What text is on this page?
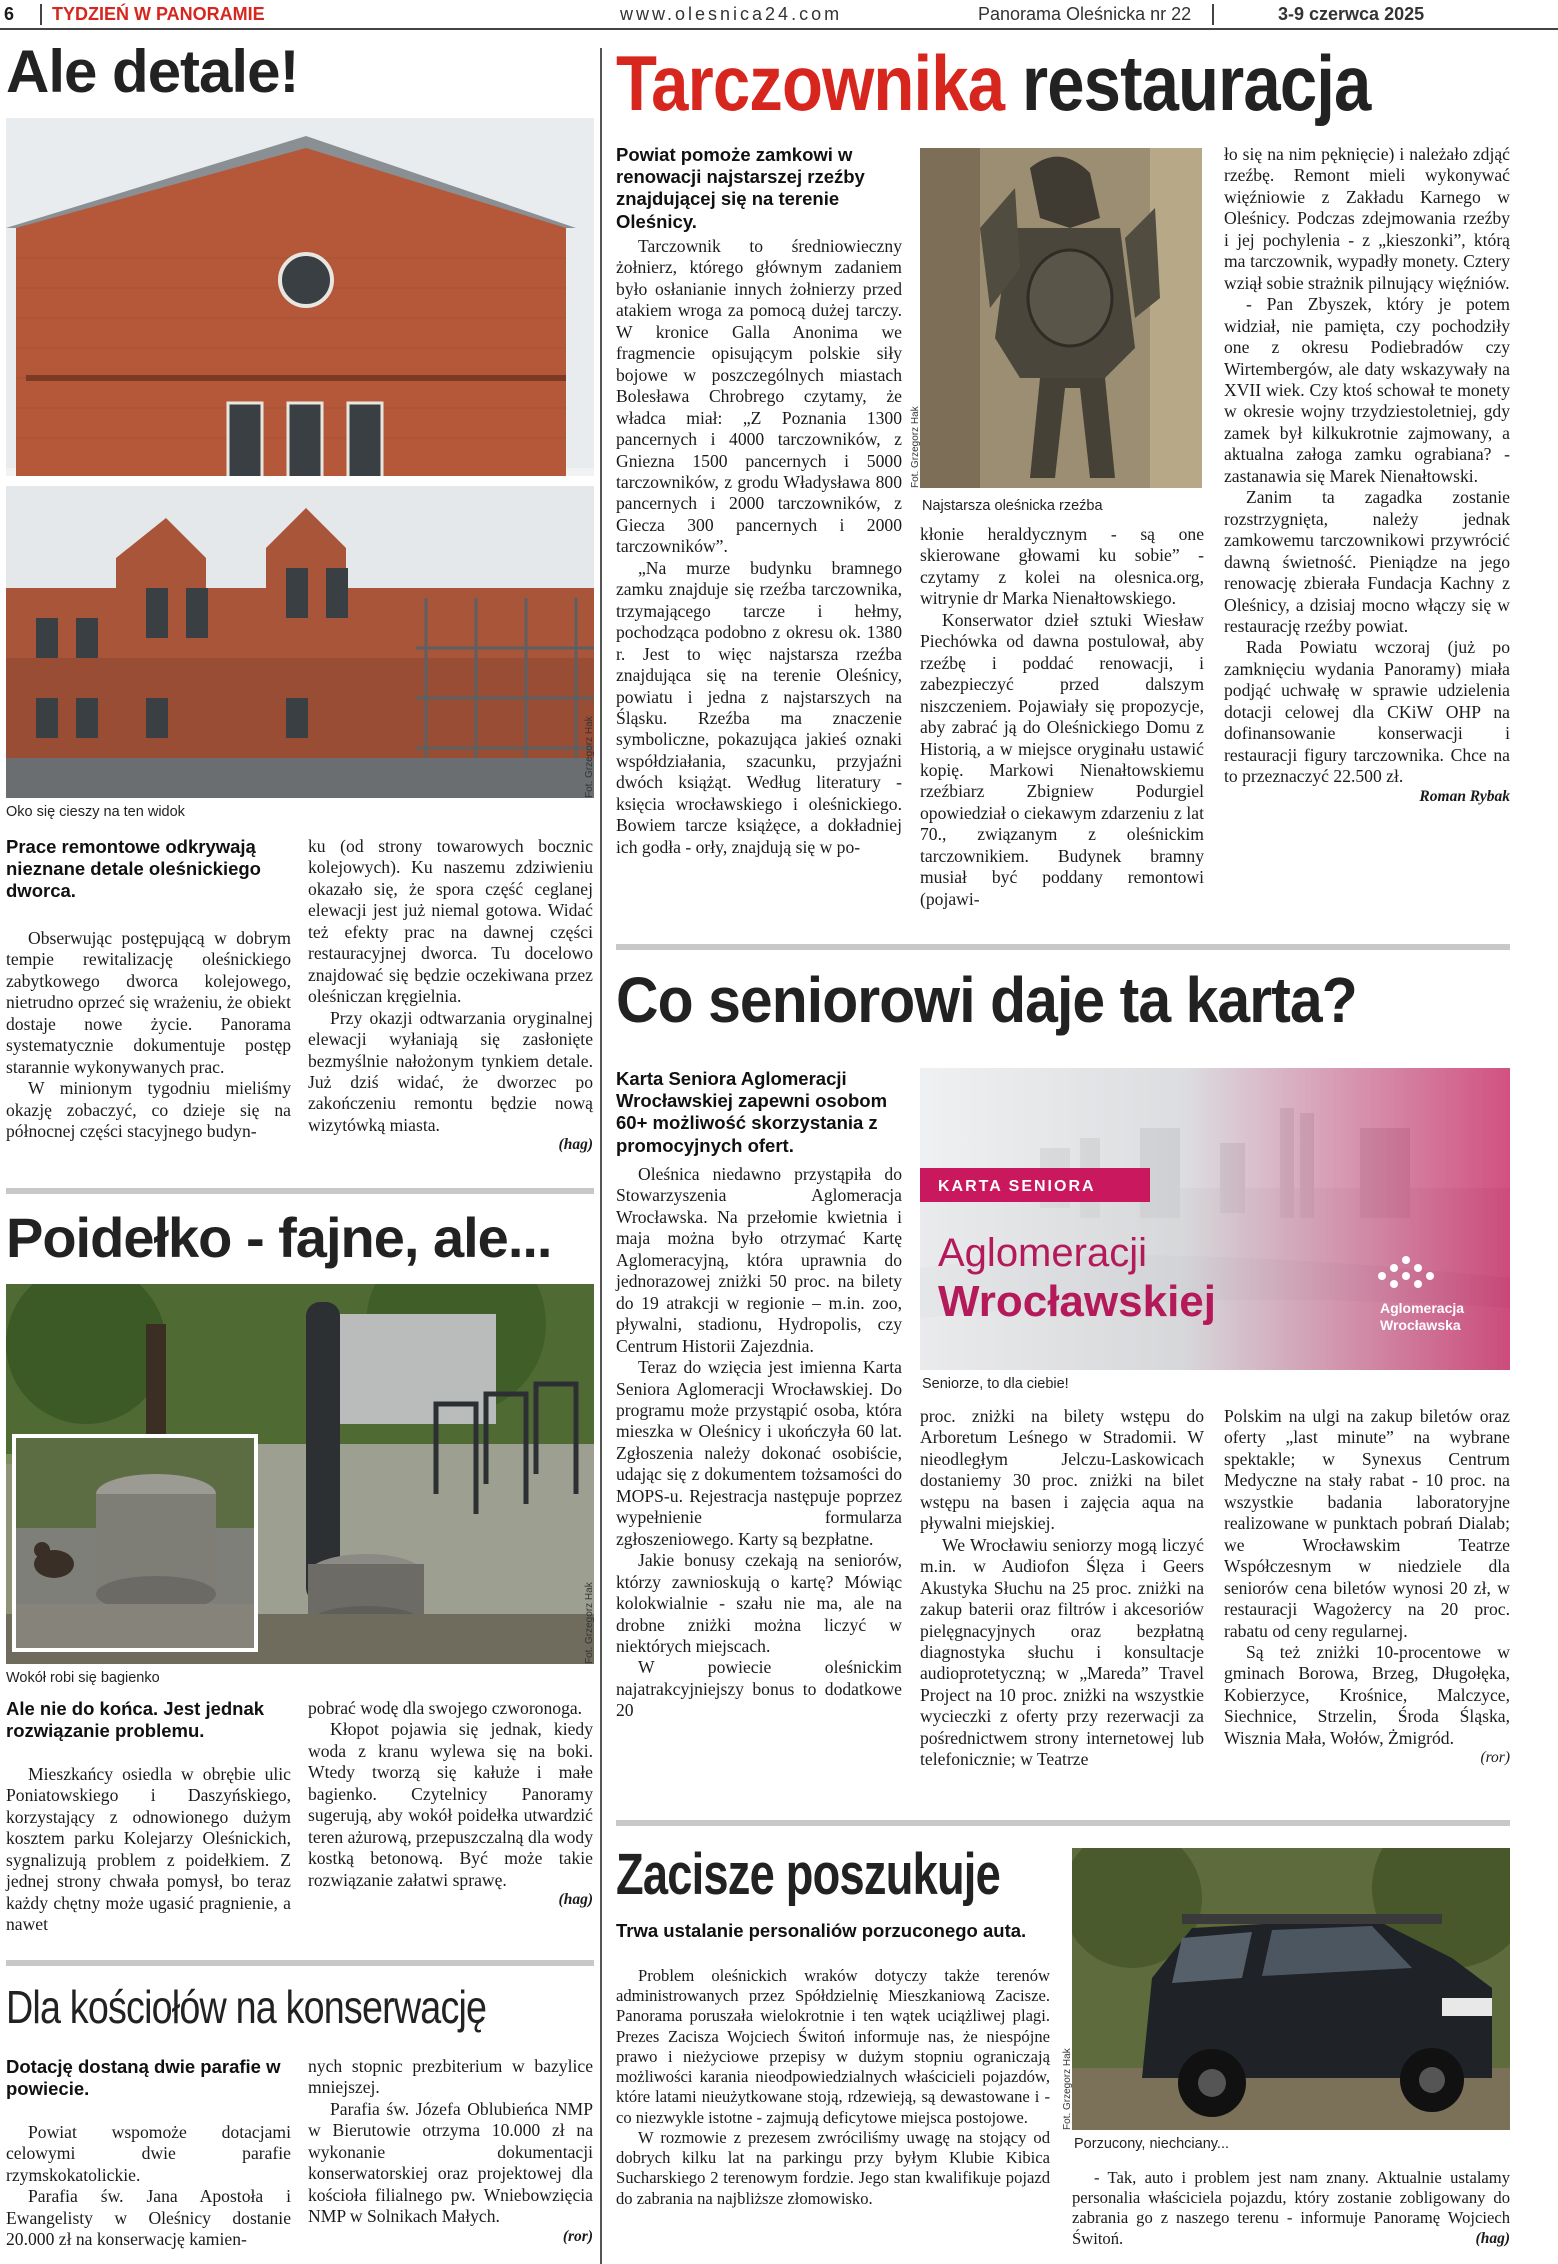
6	TYDZIEŃ W PANORAMIE	www.olesnica24.com	Panorama Oleśnicka nr 22	3-9 czerwca 2025
Ale detale!
Fot. Grzegorz Hak
Oko się cieszy na ten widok
Prace remontowe odkrywają nieznane detale oleśnickiego dworca.

Obserwując postępującą w dobrym tempie rewitalizację oleśnickiego zabytkowego dworca kolejowego, nietrudno oprzeć się wrażeniu, że obiekt dostaje nowe życie. Panorama systematycznie dokumentuje postęp starannie wykonywanych prac.

W minionym tygodniu mieliśmy okazję zobaczyć, co dzieje się na północnej części stacyjnego budyn-

ku (od strony towarowych bocznic kolejowych). Ku naszemu zdziwieniu okazało się, że spora część ceglanej elewacji jest już niemal gotowa. Widać też efekty prac na dawnej części restauracyjnej dworca. Tu docelowo znajdować się będzie oczekiwana przez oleśniczan kręgielnia.

Przy okazji odtwarzania oryginalnej elewacji wyłaniają się zasłonięte bezmyślnie nałożonym tynkiem detale. Już dziś widać, że dworzec po zakończeniu remontu będzie nową wizytówką miasta.

(hag)
Poidełko - fajne, ale...
Fot. Grzegorz Hak
Wokół robi się bagienko
Ale nie do końca. Jest jednak rozwiązanie problemu.

Mieszkańcy osiedla w obrębie ulic Poniatowskiego i Daszyńskiego, korzystający z odnowionego dużym kosztem parku Kolejarzy Oleśnickich, sygnalizują problem z poidełkiem. Z jednej strony chwała pomysł, bo teraz każdy chętny może ugasić pragnienie, a nawet

pobrać wodę dla swojego czworonoga.

Kłopot pojawia się jednak, kiedy woda z kranu wylewa się na boki. Wtedy tworzą się kałuże i małe bagienko. Czytelnicy Panoramy sugerują, aby wokół poidełka utwardzić teren ażurową, przepuszczalną dla wody kostką betonową. Być może takie rozwiązanie załatwi sprawę.

(hag)
Dla kościołów na konserwację
Dotację dostaną dwie parafie w powiecie.

Powiat wspomoże dotacjami celowymi dwie parafie rzymskokatolickie.

Parafia św. Jana Apostoła i Ewangelisty w Oleśnicy dostanie 20.000 zł na konserwację kamien-

nych stopnic prezbiterium w bazylice mniejszej.

Parafia św. Józefa Oblubieńca NMP w Bierutowie otrzyma 10.000 zł na wykonanie dokumentacji konserwatorskiej oraz projektowej dla kościoła filialnego pw. Wniebowzięcia NMP w Solnikach Małych.

(ror)
Tarczownika restauracja
Powiat pomoże zamkowi w renowacji najstarszej rzeźby znajdującej się na terenie Oleśnicy.

Tarczownik to średniowieczny żołnierz, którego głównym zadaniem było osłanianie innych żołnierzy przed atakiem wroga za pomocą dużej tarczy. W kronice Galla Anonima we fragmencie opisującym polskie siły bojowe w poszczególnych miastach Bolesława Chrobrego czytamy, że władca miał: „Z Poznania 1300 pancernych i 4000 tarczowników, z Gniezna 1500 pancernych i 5000 tarczowników, z grodu Władysława 800 pancernych i 2000 tarczowników, z Giecza 300 pancernych i 2000 tarczowników”.

„Na murze budynku bramnego zamku znajduje się rzeźba tarczownika, trzymającego tarcze i hełmy, pochodząca podobno z okresu ok. 1380 r. Jest to więc najstarsza rzeźba znajdująca się na terenie Oleśnicy, powiatu i jedna z najstarszych na Śląsku. Rzeźba ma znaczenie symboliczne, pokazująca jakieś oznaki współdziałania, szacunku, przyjaźni dwóch książąt. Według literatury - księcia wrocławskiego i oleśnickiego. Bowiem tarcze książęce, a dokładniej ich godła - orły, znajdują się w po-

Fot. Grzegorz Hak
Najstarsza oleśnicka rzeźba

kłonie heraldycznym - są one skierowane głowami ku sobie” - czytamy z kolei na olesnica.org, witrynie dr Marka Nienałtowskiego.

Konserwator dzieł sztuki Wiesław Piechówka od dawna postulował, aby rzeźbę i poddać renowacji, i zabezpieczyć przed dalszym niszczeniem. Pojawiały się propozycje, aby zabrać ją do Oleśnickiego Domu z Historią, a w miejsce oryginału ustawić kopię. Markowi Nienałtowskiemu rzeźbiarz Zbigniew Podurgiel opowiedział o ciekawym zdarzeniu z lat 70., związanym z oleśnickim tarczownikiem. Budynek bramny musiał być poddany remontowi (pojawi-

ło się na nim pęknięcie) i należało zdjąć rzeźbę. Remont mieli wykonywać więźniowie z Zakładu Karnego w Oleśnicy. Podczas zdejmowania rzeźby i jej pochylenia - z „kieszonki”, którą ma tarczownik, wypadły monety. Cztery wziął sobie strażnik pilnujący więźniów.

- Pan Zbyszek, który je potem widział, nie pamięta, czy pochodziły one z okresu Podiebradów czy Wirtembergów, ale daty wskazywały na XVII wiek. Czy ktoś schował te monety w okresie wojny trzydziestoletniej, gdy zamek był kilkukrotnie zajmowany, a aktualna załoga zamku ograbiana? - zastanawia się Marek Nienałtowski.

Zanim ta zagadka zostanie rozstrzygnięta, należy jednak zamkowemu tarczownikowi przywrócić dawną świetność. Pieniądze na jego renowację zbierała Fundacja Kachny z Oleśnicy, a dzisiaj mocno włączy się w restaurację rzeźby powiat.

Rada Powiatu wczoraj (już po zamknięciu wydania Panoramy) miała podjąć uchwałę w sprawie udzielenia dotacji celowej dla CKiW OHP na dofinansowanie konserwacji i restauracji figury tarczownika. Chce na to przeznaczyć 22.500 zł.

Roman Rybak
Co seniorowi daje ta karta?
Karta Seniora Aglomeracji Wrocławskiej zapewni osobom 60+ możliwość skorzystania z promocyjnych ofert.
KARTA SENIORA
Aglomeracji
Wrocławskiej	Aglomeracja
Wrocławska
Seniorze, to dla ciebie!

Oleśnica niedawno przystąpiła do Stowarzyszenia Aglomeracja Wrocławska. Na przełomie kwietnia i maja można było otrzymać Kartę Aglomeracyjną, która uprawnia do jednorazowej zniżki 50 proc. na bilety do 19 atrakcji w regionie – m.in. zoo, pływalni, stadionu, Hydropolis, czy Centrum Historii Zajezdnia.

Teraz do wzięcia jest imienna Karta Seniora Aglomeracji Wrocławskiej. Do programu może przystąpić osoba, która mieszka w Oleśnicy i ukończyła 60 lat. Zgłoszenia należy dokonać osobiście, udając się z dokumentem tożsamości do MOPS-u. Rejestracja następuje poprzez wypełnienie formularza zgłoszeniowego. Karty są bezpłatne.

Jakie bonusy czekają na seniorów, którzy zawnioskują o kartę? Mówiąc kolokwialnie - szału nie ma, ale na drobne zniżki można liczyć w niektórych miejscach.

W powiecie oleśnickim najatrakcyjniejszy bonus to dodatkowe 20

proc. zniżki na bilety wstępu do Arboretum Leśnego w Stradomii. W nieodległym Jelczu-Laskowicach dostaniemy 30 proc. zniżki na bilet wstępu na basen i zajęcia aqua na pływalni miejskiej.

We Wrocławiu seniorzy mogą liczyć m.in. w Audiofon Ślęza i Geers Akustyka Słuchu na 25 proc. zniżki na zakup baterii oraz filtrów i akcesoriów pielęgnacyjnych oraz bezpłatną diagnostyka słuchu i konsultacje audioprotetyczną; w „Mareda” Travel Project na 10 proc. zniżki na wszystkie wycieczki z oferty przy rezerwacji za pośrednictwem strony internetowej lub telefonicznie; w Teatrze

Polskim na ulgi na zakup biletów oraz oferty „last minute” na wybrane spektakle; w Synexus Centrum Medyczne na stały rabat - 10 proc. na wszystkie badania laboratoryjne realizowane w punktach pobrań Dialab; we Wrocławskim Teatrze Współczesnym w niedziele dla seniorów cena biletów wynosi 20 zł, w restauracji Wagożercy na 20 proc. rabatu od ceny regularnej.

Są też zniżki 10-procentowe w gminach Borowa, Brzeg, Długołęka, Kobierzyce, Krośnice, Malczyce, Siechnice, Strzelin, Środa Śląska, Wisznia Mała, Wołów, Żmigród.

(ror)
Zacisze poszukuje
Trwa ustalanie personaliów porzuconego auta.

Problem oleśnickich wraków dotyczy także terenów administrowanych przez Spółdzielnię Mieszkaniową Zacisze. Panorama poruszała wielokrotnie i ten wątek uciążliwej plagi. Prezes Zacisza Wojciech Świtoń informuje nas, że niespójne prawo i nieżyciowe przepisy w dużym stopniu ograniczają możliwości karania nieodpowiedzialnych właścicieli pojazdów, które latami nieużytkowane stoją, rdzewieją, są dewastowane i - co niezwykle istotne - zajmują deficytowe miejsca postojowe.

W rozmowie z prezesem zwróciliśmy uwagę na stojący od dobrych kilku lat na parkingu przy byłym Klubie Kibica Sucharskiego 2 terenowym fordzie. Jego stan kwalifikuje pojazd do zabrania na najbliższe złomowisko.

Fot. Grzegorz Hak
Porzucony, niechciany...

- Tak, auto i problem jest nam znany. Aktualnie ustalamy personalia właściciela pojazdu, który zostanie zobligowany do zabrania go z naszego terenu - informuje Panoramę Wojciech Świtoń.	(hag)
